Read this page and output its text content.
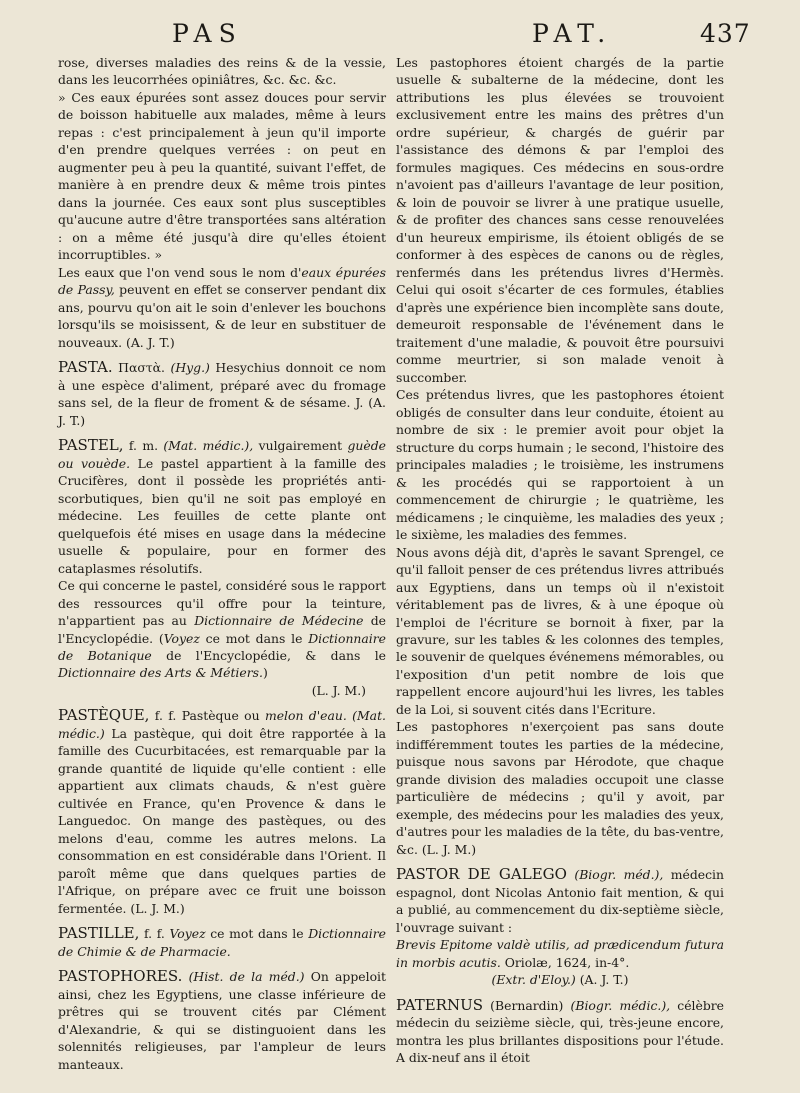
PAS	PAT.	437

rose, diverses maladies des reins & de la vessie, dans les leucorrhées opiniâtres, &c. &c. &c.

» Ces eaux épurées sont assez douces pour servir de boisson habituelle aux malades, même à leurs repas : c'est principalement à jeun qu'il importe d'en prendre quelques verrées : on peut en augmenter peu à peu la quantité, suivant l'effet, de manière à en prendre deux & même trois pintes dans la journée. Ces eaux sont plus susceptibles qu'aucune autre d'être transportées sans altération : on a même été jusqu'à dire qu'elles étoient incorruptibles. »

Les eaux que l'on vend sous le nom d'eaux épurées de Passy, peuvent en effet se conserver pendant dix ans, pourvu qu'on ait le soin d'enlever les bouchons lorsqu'ils se moisissent, & de leur en substituer de nouveaux. (A. J. T.)

PASTA. Παστὰ. (Hyg.) Hesychius donnoit ce nom à une espèce d'aliment, préparé avec du fromage sans sel, de la fleur de froment & de sésame. J. (A. J. T.)

PASTEL, f. m. (Mat. médic.), vulgairement guède ou vouède. Le pastel appartient à la famille des Crucifères, dont il possède les propriétés anti-scorbutiques, bien qu'il ne soit pas employé en médecine. Les feuilles de cette plante ont quelquefois été mises en usage dans la médecine usuelle & populaire, pour en former des cataplasmes résolutifs.

Ce qui concerne le pastel, considéré sous le rapport des ressources qu'il offre pour la teinture, n'appartient pas au Dictionnaire de Médecine de l'Encyclopédie. (Voyez ce mot dans le Dictionnaire de Botanique de l'Encyclopédie, & dans le Dictionnaire des Arts & Métiers.)

(L. J. M.)

PASTÈQUE, f. f. Pastèque ou melon d'eau. (Mat. médic.) La pastèque, qui doit être rapportée à la famille des Cucurbitacées, est remarquable par la grande quantité de liquide qu'elle contient : elle appartient aux climats chauds, & n'est guère cultivée en France, qu'en Provence & dans le Languedoc. On mange des pastèques, ou des melons d'eau, comme les autres melons. La consommation en est considérable dans l'Orient. Il paroît même que dans quelques parties de l'Afrique, on prépare avec ce fruit une boisson fermentée. (L. J. M.)

PASTILLE, f. f. Voyez ce mot dans le Dictionnaire de Chimie & de Pharmacie.

PASTOPHORES. (Hist. de la méd.) On appeloit ainsi, chez les Egyptiens, une classe inférieure de prêtres qui se trouvent cités par Clément d'Alexandrie, & qui se distinguoient dans les solennités religieuses, par l'ampleur de leurs manteaux.

Les pastophores étoient chargés de la partie usuelle & subalterne de la médecine, dont les attributions les plus élevées se trouvoient exclusivement entre les mains des prêtres d'un ordre supérieur, & chargés de guérir par l'assistance des démons & par l'emploi des formules magiques. Ces médecins en sous-ordre n'avoient pas d'ailleurs l'avantage de leur position, & loin de pouvoir se livrer à une pratique usuelle, & de profiter des chances sans cesse renouvelées d'un heureux empirisme, ils étoient obligés de se conformer à des espèces de canons ou de règles, renfermés dans les prétendus livres d'Hermès. Celui qui osoit s'écarter de ces formules, établies d'après une expérience bien incomplète sans doute, demeuroit responsable de l'événement dans le traitement d'une maladie, & pouvoit être poursuivi comme meurtrier, si son malade venoit à succomber.

Ces prétendus livres, que les pastophores étoient obligés de consulter dans leur conduite, étoient au nombre de six : le premier avoit pour objet la structure du corps humain ; le second, l'histoire des principales maladies ; le troisième, les instrumens & les procédés qui se rapportoient à un commencement de chirurgie ; le quatrième, les médicamens ; le cinquième, les maladies des yeux ; le sixième, les maladies des femmes.

Nous avons déjà dit, d'après le savant Sprengel, ce qu'il falloit penser de ces prétendus livres attribués aux Egyptiens, dans un temps où il n'existoit véritablement pas de livres, & à une époque où l'emploi de l'écriture se bornoit à fixer, par la gravure, sur les tables & les colonnes des temples, le souvenir de quelques événemens mémorables, ou l'exposition d'un petit nombre de lois que rappellent encore aujourd'hui les livres, les tables de la Loi, si souvent cités dans l'Ecriture.

Les pastophores n'exerçoient pas sans doute indifféremment toutes les parties de la médecine, puisque nous savons par Hérodote, que chaque grande division des maladies occupoit une classe particulière de médecins ; qu'il y avoit, par exemple, des médecins pour les maladies des yeux, d'autres pour les maladies de la tête, du bas-ventre, &c. (L. J. M.)

PASTOR DE GALEGO (Biogr. méd.), médecin espagnol, dont Nicolas Antonio fait mention, & qui a publié, au commencement du dix-septième siècle, l'ouvrage suivant :

Brevis Epitome valdè utilis, ad prædicendum futura in morbis acutis. Oriolæ, 1624, in-4°.

(Extr. d'Eloy.) (A. J. T.)

PATERNUS (Bernardin) (Biogr. médic.), célèbre médecin du seizième siècle, qui, très-jeune encore, montra les plus brillantes dispositions pour l'étude. A dix-neuf ans il étoit
